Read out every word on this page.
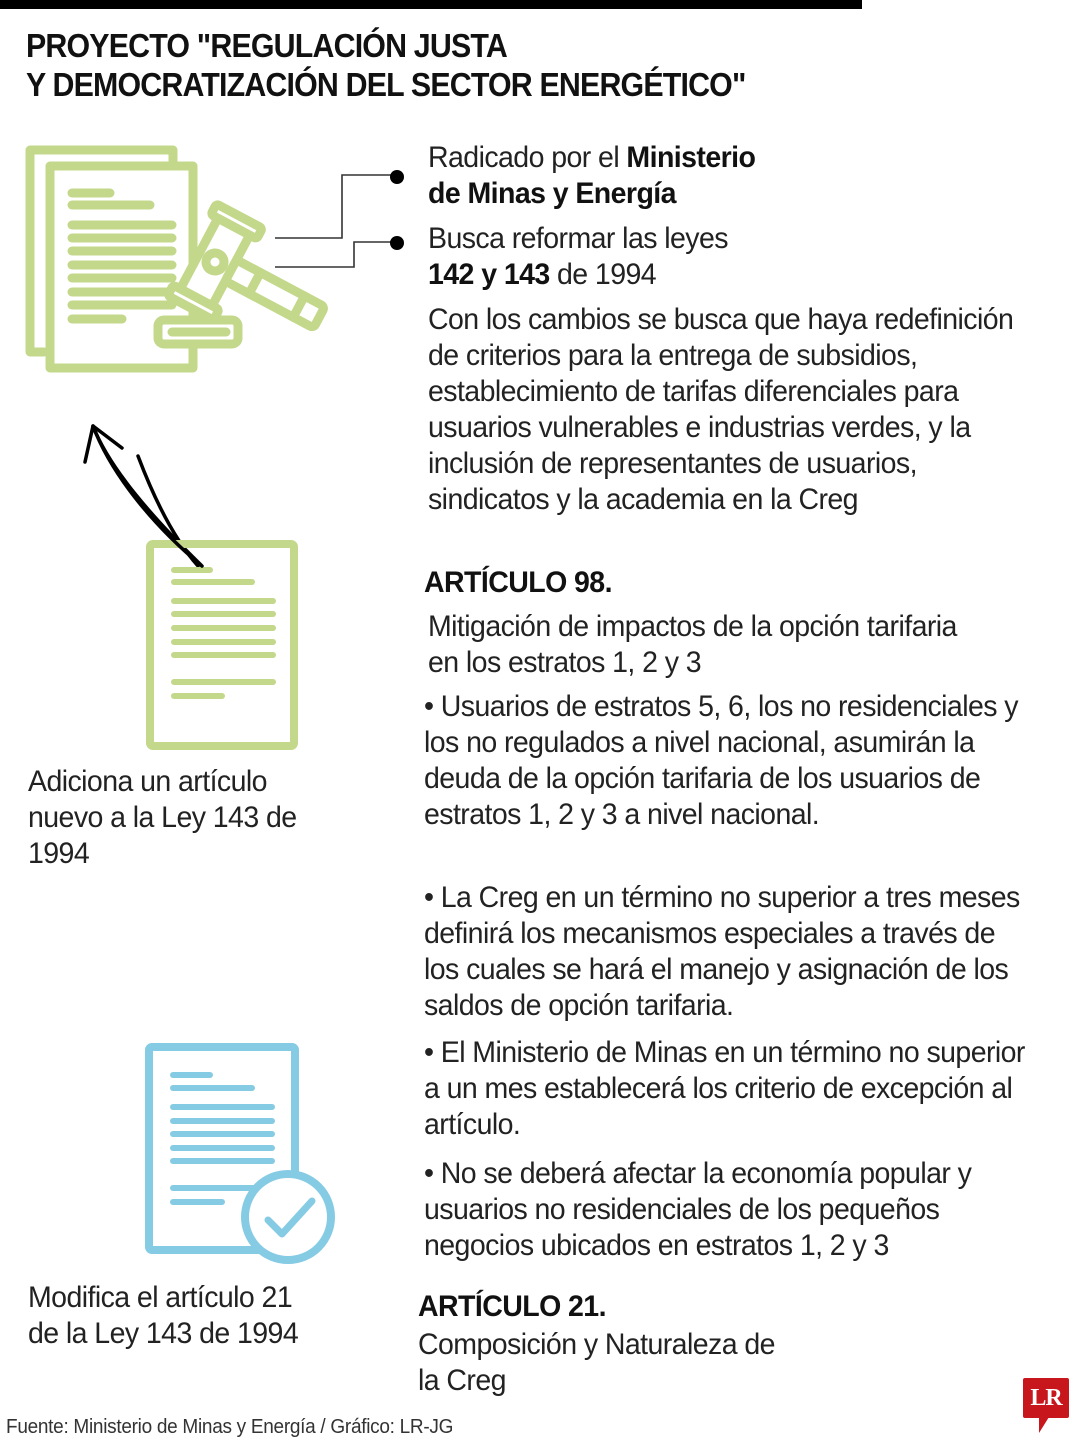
PROYECTO "REGULACIÓN JUSTA
Y DEMOCRATIZACIÓN DEL SECTOR ENERGÉTICO"
Radicado por el Ministerio
de Minas y Energía
Busca reformar las leyes
142 y 143 de 1994

Con los cambios se busca que haya redefinición de criterios para la entrega de subsidios, establecimiento de tarifas diferenciales para usuarios vulnerables e industrias verdes, y la inclusión de representantes de usuarios, sindicatos y la academia en la Creg

Adiciona un artículo nuevo a la Ley 143 de 1994

ARTÍCULO 98.

Mitigación de impactos de la opción tarifaria en los estratos 1, 2 y 3

• Usuarios de estratos 5, 6, los no residenciales y los no regulados a nivel nacional, asumirán la deuda de la opción tarifaria de los usuarios de estratos 1, 2 y 3 a nivel nacional.

• La Creg en un término no superior a tres meses definirá los mecanismos especiales a través de los cuales se hará el manejo y asignación de los saldos de opción tarifaria.

• El Ministerio de Minas en un término no superior a un mes establecerá los criterio de excepción al artículo.

• No se deberá afectar la economía popular y usuarios no residenciales de los pequeños negocios ubicados en estratos 1, 2 y 3

Modifica el artículo 21 de la Ley 143 de 1994

ARTÍCULO 21.

Composición y Naturaleza de la Creg

Fuente: Ministerio de Minas y Energía / Gráfico: LR-JG
LR
